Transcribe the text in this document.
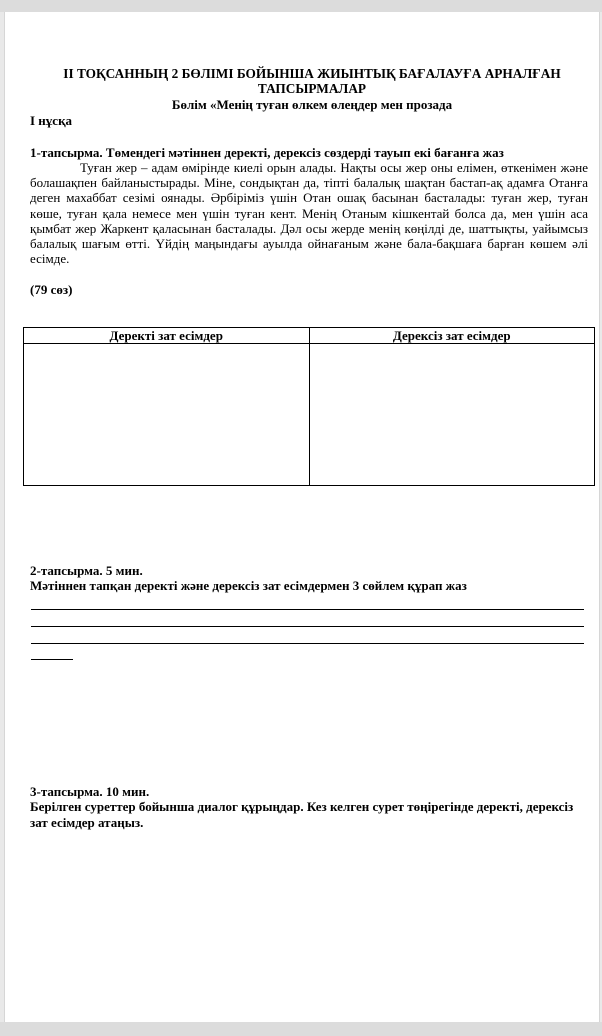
II ТОҚСАННЫҢ 2 БӨЛІМІ БОЙЫНША ЖИЫНТЫҚ БАҒАЛАУҒА АРНАЛҒАН ТАПСЫРМАЛАР
Бөлім «Менің туған өлкем өлеңдер мен прозада
І нұсқа
1-тапсырма. Төмендегі мәтіннен деректі, дерексіз сөздерді тауып екі бағанға жаз
Туған жер – адам өмірінде киелі орын алады. Нақты осы жер оны елімен, өткенімен және болашақпен байланыстырады. Міне, сондықтан да, тіпті балалық шақтан бастап-ақ адамға Отанға деген махаббат сезімі оянады. Әрбіріміз үшін Отан ошақ басынан басталады: туған жер, туған көше, туған қала немесе мен үшін туған кент. Менің Отаным кішкентай болса да, мен үшін аса қымбат жер Жаркент қаласынан басталады. Дәл осы жерде менің көңілді де, шаттықты, уайымсыз балалық шағым өтті. Үйдің маңындағы ауылда ойнағаным және бала-бақшаға барған көшем әлі есімде.
(79 сөз)
Деректі зат есімдер	Дерексіз зат есімдер

2-тапсырма. 5 мин.
Мәтіннен тапқан деректі және дерексіз зат есімдермен 3 сөйлем құрап жаз
3-тапсырма. 10 мин.
Берілген суреттер бойынша диалог құрыңдар. Кез келген сурет төңірегінде деректі, дерексіз зат есімдер атаңыз.
